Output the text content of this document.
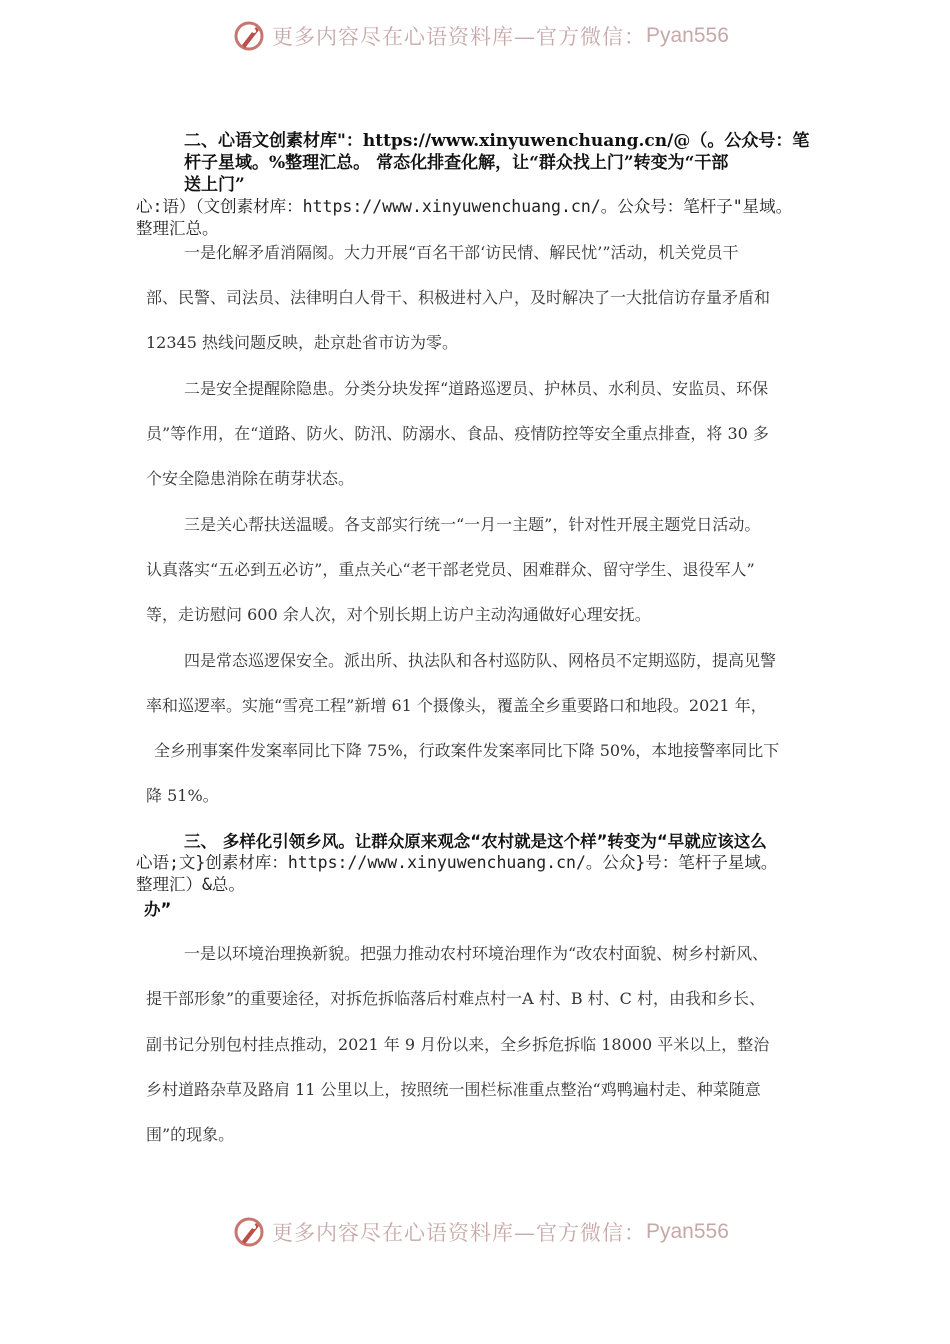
更多内容尽在心语资料库—官方微信： Pyan556
二、心语文创素材库"：https://www.xinyuwenchuang.cn/@（。公众号：笔
杆子星域。%整理汇总。 常态化排查化解，让“群众找上门”转变为“干部
送上门”
心:语）（文创素材库：https://www.xinyuwenchuang.cn/。公众号：笔杆子"星域。
整理汇总。
一是化解矛盾消隔阂。大力开展“百名干部‘访民情、解民忧’”活动，机关党员干
部、民警、司法员、法律明白人骨干、积极进村入户，及时解决了一大批信访存量矛盾和
12345 热线问题反映，赴京赴省市访为零。
二是安全提醒除隐患。分类分块发挥“道路巡逻员、护林员、水利员、安监员、环保
员”等作用，在“道路、防火、防汛、防溺水、食品、疫情防控等安全重点排查，将 30 多
个安全隐患消除在萌芽状态。
三是关心帮扶送温暖。各支部实行统一“一月一主题”，针对性开展主题党日活动。
认真落实“五必到五必访”，重点关心“老干部老党员、困难群众、留守学生、退役军人”
等，走访慰问 600 余人次，对个别长期上访户主动沟通做好心理安抚。
四是常态巡逻保安全。派出所、执法队和各村巡防队、网格员不定期巡防，提高见警
率和巡逻率。实施“雪亮工程”新增 61 个摄像头，覆盖全乡重要路口和地段。2021 年，
全乡刑事案件发案率同比下降 75%，行政案件发案率同比下降 50%，本地接警率同比下
降 51%。
三、 多样化引领乡风。让群众原来观念“农村就是这个样”转变为“早就应该这么
心语;文}创素材库：https://www.xinyuwenchuang.cn/。公众}号：笔杆子星域。
整理汇）&总。
办”
一是以环境治理换新貌。把强力推动农村环境治理作为“改农村面貌、树乡村新风、
提干部形象”的重要途径，对拆危拆临落后村难点村一A 村、B 村、C 村，由我和乡长、
副书记分别包村挂点推动，2021 年 9 月份以来，全乡拆危拆临 18000 平米以上，整治
乡村道路杂草及路肩 11 公里以上，按照统一围栏标准重点整治“鸡鸭遍村走、种菜随意
围”的现象。
更多内容尽在心语资料库—官方微信： Pyan556
